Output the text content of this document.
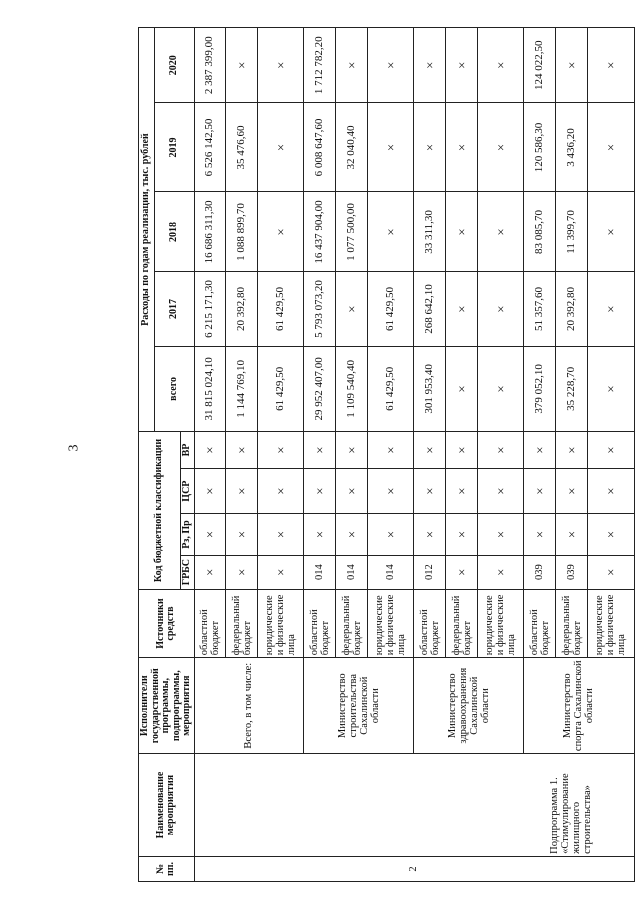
3
№ пп.	Наименование мероприятия	Исполнители государственной программы, подпрограммы, мероприятия	Источники средств	Код бюджетной классификации				Расходы по годам реализации, тыс. рублей				
								всего	2017	2018	2019	2020
				ГРБС	Рз, Пр	ЦСР	ВР					
2	Подпрограмма 1. «Стимулирование жилищного строительства»	Всего, в том числе:	областной бюджет	×	×	×	×	31 815 024,10	6 215 171,30	16 686 311,30	6 526 142,50	2 387 399,00
			федеральный бюджет	×	×	×	×	1 144 769,10	20 392,80	1 088 899,70	35 476,60	×
			юридические и физические лица	×	×	×	×	61 429,50	61 429,50	×	×	×
		Министерство строительства Сахалинской области	областной бюджет	014	×	×	×	29 952 407,00	5 793 073,20	16 437 904,00	6 008 647,60	1 712 782,20
			федеральный бюджет	014	×	×	×	1 109 540,40	×	1 077 500,00	32 040,40	×
			юридические и физические лица	014	×	×	×	61 429,50	61 429,50	×	×	×
		Министерство здравоохранения Сахалинской области	областной бюджет	012	×	×	×	301 953,40	268 642,10	33 311,30	×	×
			федеральный бюджет	×	×	×	×	×	×	×	×	×
			юридические и физические лица	×	×	×	×	×	×	×	×	×
		Министерство спорта Сахалинской области	областной бюджет	039	×	×	×	379 052,10	51 357,60	83 085,70	120 586,30	124 022,50
			федеральный бюджет	039	×	×	×	35 228,70	20 392,80	11 399,70	3 436,20	×
			юридические и физические лица	×	×	×	×	×	×	×	×	×
